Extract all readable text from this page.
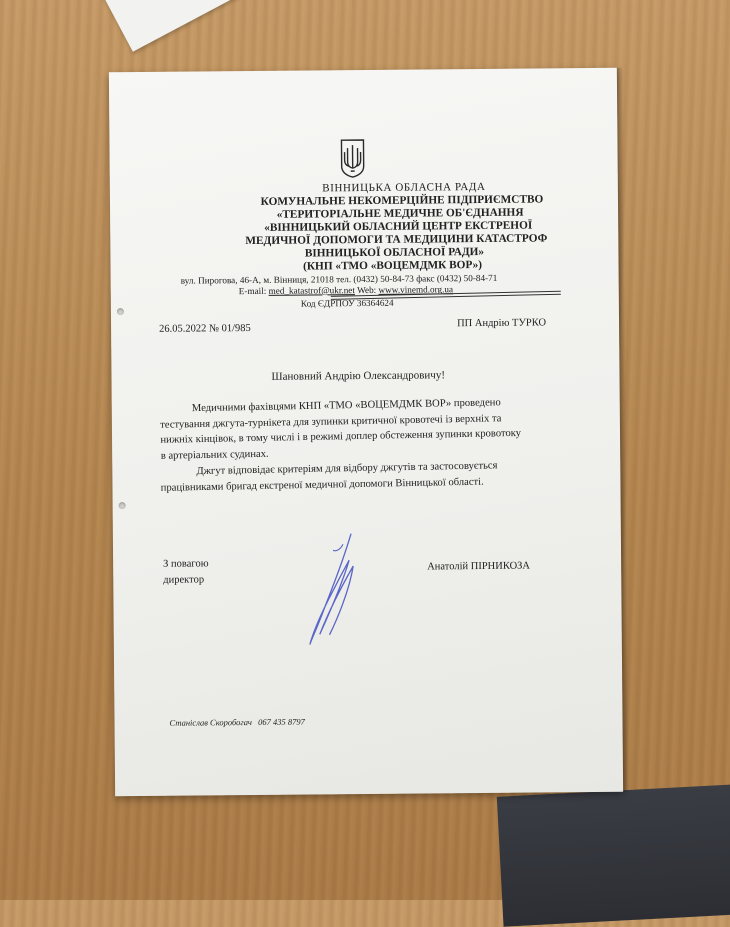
ВІННИЦЬКА ОБЛАСНА РАДА
КОМУНАЛЬНЕ НЕКОМЕРЦІЙНЕ ПІДПРИЄМСТВО
«ТЕРИТОРІАЛЬНЕ МЕДИЧНЕ ОБ'ЄДНАННЯ
«ВІННИЦЬКИЙ ОБЛАСНИЙ ЦЕНТР ЕКСТРЕНОЇ
МЕДИЧНОЇ ДОПОМОГИ ТА МЕДИЦИНИ КАТАСТРОФ
ВІННИЦЬКОЇ ОБЛАСНОЇ РАДИ»
(КНП «ТМО «ВОЦЕМДМК ВОР»)
вул. Пирогова, 46-А, м. Вінниця, 21018 тел. (0432) 50-84-73 факс (0432) 50-84-71
E-mail: med_katastrof@ukr.net Web: www.vinemd.org.ua
Код ЄДРПОУ 36364624
26.05.2022 № 01/985	ПП Андрію ТУРКО
Шановний Андрію Олександровичу!
Медичними фахівцями КНП «ТМО «ВОЦЕМДМК ВОР» проведено
тестування джгута-турнікета для зупинки критичної кровотечі із верхніх та
нижніх кінцівок, в тому числі і в режимі доплер обстеження зупинки кровотоку
в артеріальних судинах.
Джгут відповідає критеріям для відбору джгутів та застосовується
працівниками бригад екстреної медичної допомоги Вінницької області.
З повагою
директор
Анатолій ПІРНИКОЗА
Станіслав Скоробогач 067 435 8797
